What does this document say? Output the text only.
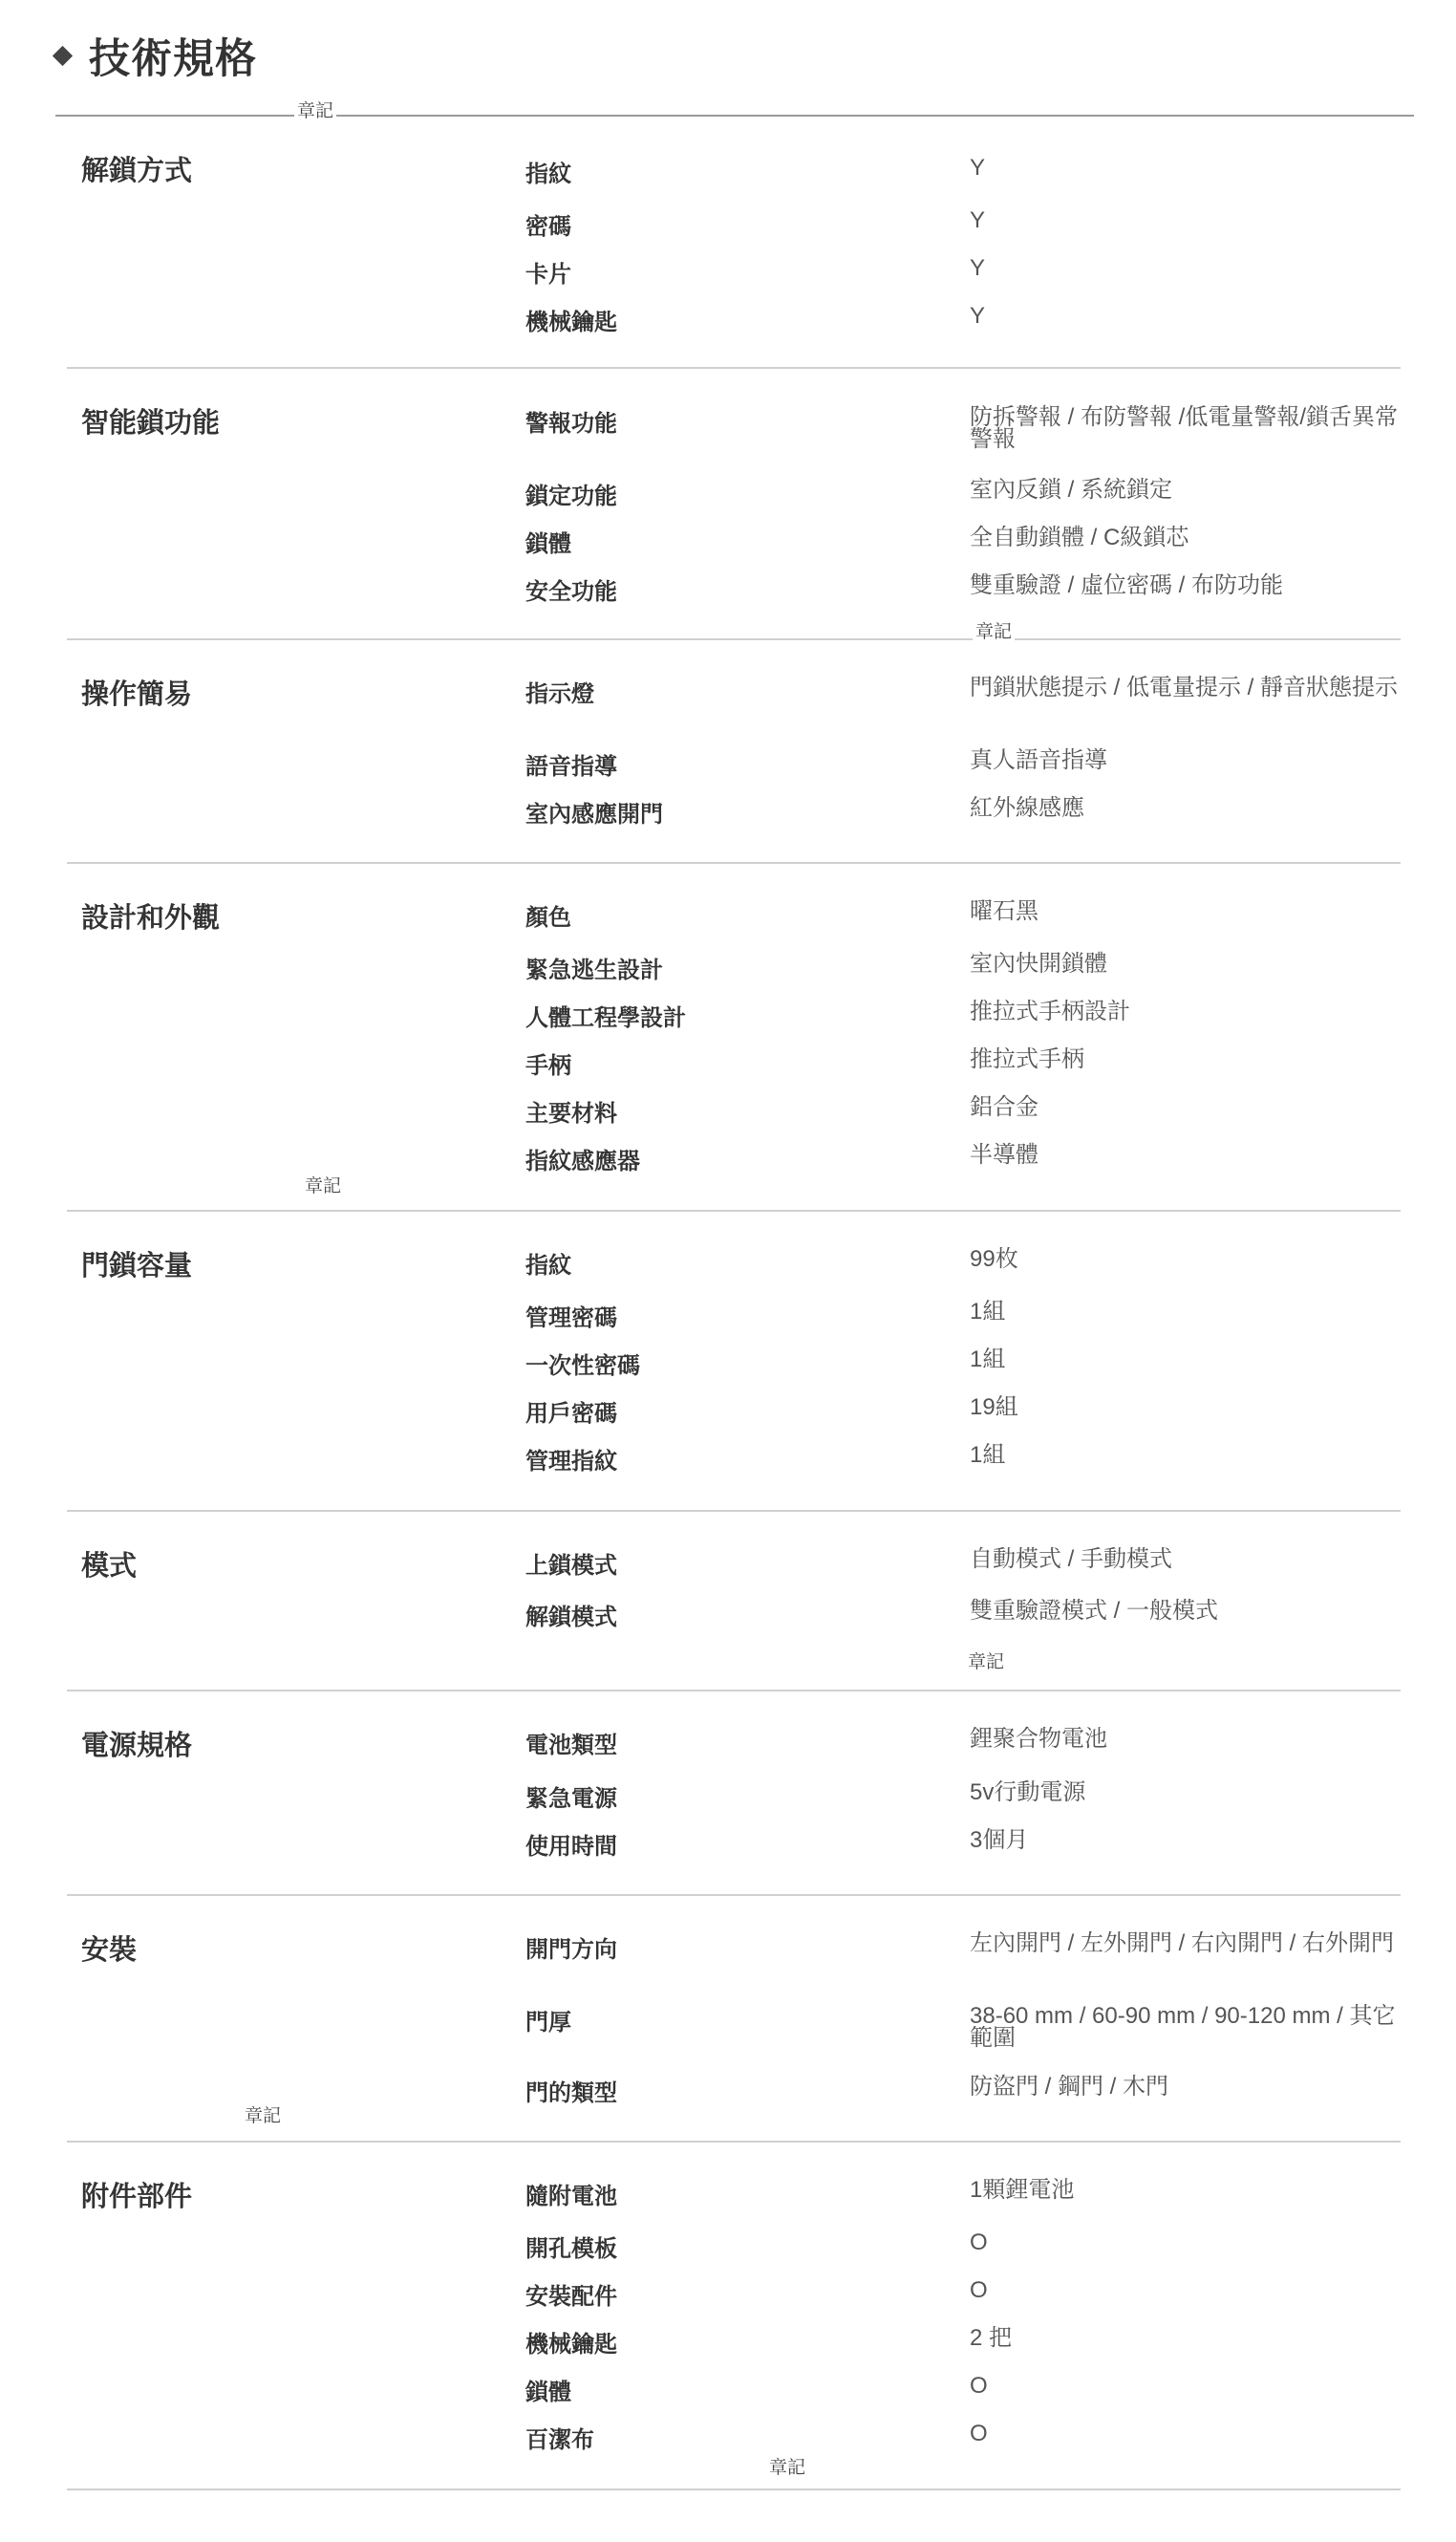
技術規格
解鎖方式	指紋	Y
密碼	Y
卡片	Y
機械鑰匙	Y
智能鎖功能	警報功能	防拆警報 / 布防警報 /低電量警報/鎖舌異常警報
鎖定功能	室內反鎖 / 系統鎖定
鎖體	全自動鎖體 / C級鎖芯
安全功能	雙重驗證 / 虛位密碼 / 布防功能
操作簡易	指示燈	門鎖狀態提示 / 低電量提示 / 靜音狀態提示
語音指導	真人語音指導
室內感應開門	紅外線感應
設計和外觀	顏色	曜石黑
緊急逃生設計	室內快開鎖體
人體工程學設計	推拉式手柄設計
手柄	推拉式手柄
主要材料	鋁合金
指紋感應器	半導體
門鎖容量	指紋	99枚
管理密碼	1組
一次性密碼	1組
用戶密碼	19組
管理指紋	1組
模式	上鎖模式	自動模式 / 手動模式
解鎖模式	雙重驗證模式 / 一般模式
電源規格	電池類型	鋰聚合物電池
緊急電源	5v行動電源
使用時間	3個月
安裝	開門方向	左內開門 / 左外開門 / 右內開門 / 右外開門
門厚	38-60 mm / 60-90 mm / 90-120 mm / 其它範圍
門的類型	防盜門 / 鋼門 / 木門
附件部件	隨附電池	1顆鋰電池
開孔模板	O
安裝配件	O
機械鑰匙	2 把
鎖體	O
百潔布	O
章記
章記
章記
章記
章記
章記
